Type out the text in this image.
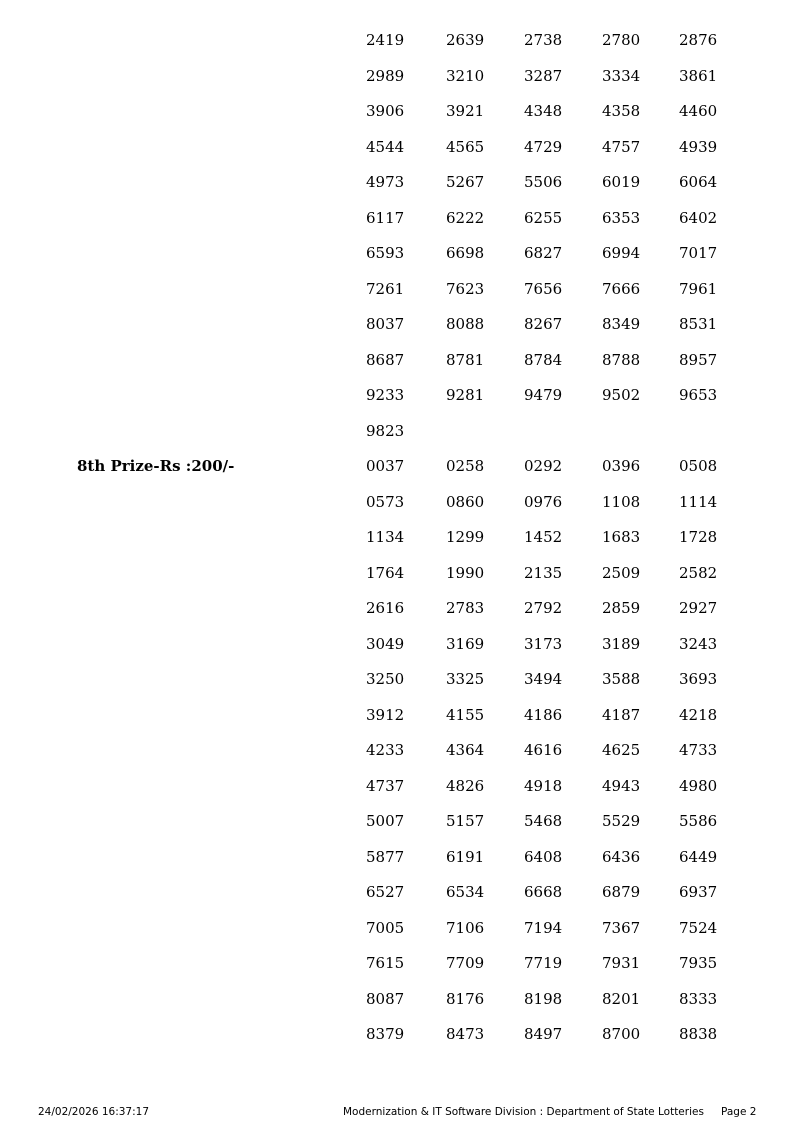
2419	2639	2738	2780	2876
2989	3210	3287	3334	3861
3906	3921	4348	4358	4460
4544	4565	4729	4757	4939
4973	5267	5506	6019	6064
6117	6222	6255	6353	6402
6593	6698	6827	6994	7017
7261	7623	7656	7666	7961
8037	8088	8267	8349	8531
8687	8781	8784	8788	8957
9233	9281	9479	9502	9653
9823
0037	0258	0292	0396	0508
0573	0860	0976	1108	1114
1134	1299	1452	1683	1728
1764	1990	2135	2509	2582
2616	2783	2792	2859	2927
3049	3169	3173	3189	3243
3250	3325	3494	3588	3693
3912	4155	4186	4187	4218
4233	4364	4616	4625	4733
4737	4826	4918	4943	4980
5007	5157	5468	5529	5586
5877	6191	6408	6436	6449
6527	6534	6668	6879	6937
7005	7106	7194	7367	7524
7615	7709	7719	7931	7935
8087	8176	8198	8201	8333
8379	8473	8497	8700	8838
8th Prize-Rs :200/-
24/02/2026 16:37:17	Modernization & IT Software Division : Department of State Lotteries Page 2
